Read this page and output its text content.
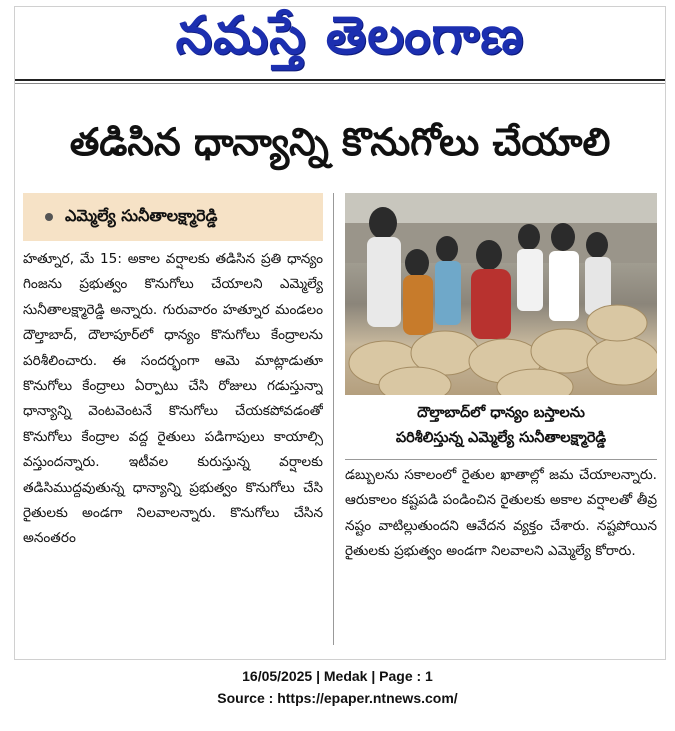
నమస్తే తెలంగాణ
తడిసిన ధాన్యాన్ని కొనుగోలు చేయాలి
ఎమ్మెల్యే సునీతాలక్ష్మారెడ్డి

హత్నూర, మే 15: అకాల వర్షాలకు తడిసిన ప్రతి ధాన్యం గింజను ప్రభుత్వం కొనుగోలు చేయాలని ఎమ్మెల్యే సునీతాలక్ష్మారెడ్డి అన్నారు. గురువారం హత్నూర మండలం దౌల్తాబాద్, దౌలాపూర్‌లో ధాన్యం కొనుగోలు కేంద్రాలను పరిశీలించారు. ఈ సందర్భంగా ఆమె మాట్లాడుతూ కొనుగోలు కేంద్రాలు ఏర్పాటు చేసి రోజులు గడుస్తున్నా ధాన్యాన్ని వెంటవెంటనే కొనుగోలు చేయకపోవడంతో కొనుగోలు కేంద్రాల వద్ద రైతులు పడిగాపులు కాయాల్సి వస్తుందన్నారు. ఇటీవల కురుస్తున్న వర్షాలకు తడిసిముద్దవుతున్న ధాన్యాన్ని ప్రభుత్వం కొనుగోలు చేసి రైతులకు అండగా నిలవాలన్నారు. కొనుగోలు చేసిన అనంతరం

దౌల్తాబాద్‌లో ధాన్యం బస్తాలను
పరిశీలిస్తున్న ఎమ్మెల్యే సునీతాలక్ష్మారెడ్డి

డబ్బులను సకాలంలో రైతుల ఖాతాల్లో జమ చేయాలన్నారు. ఆరుకాలం కష్టపడి పండించిన రైతులకు అకాల వర్షాలతో తీవ్ర నష్టం వాటిల్లుతుందని ఆవేదన వ్యక్తం చేశారు. నష్టపోయిన రైతులకు ప్రభుత్వం అండగా నిలవాలని ఎమ్మెల్యే కోరారు.

16/05/2025 | Medak | Page : 1
Source : https://epaper.ntnews.com/
